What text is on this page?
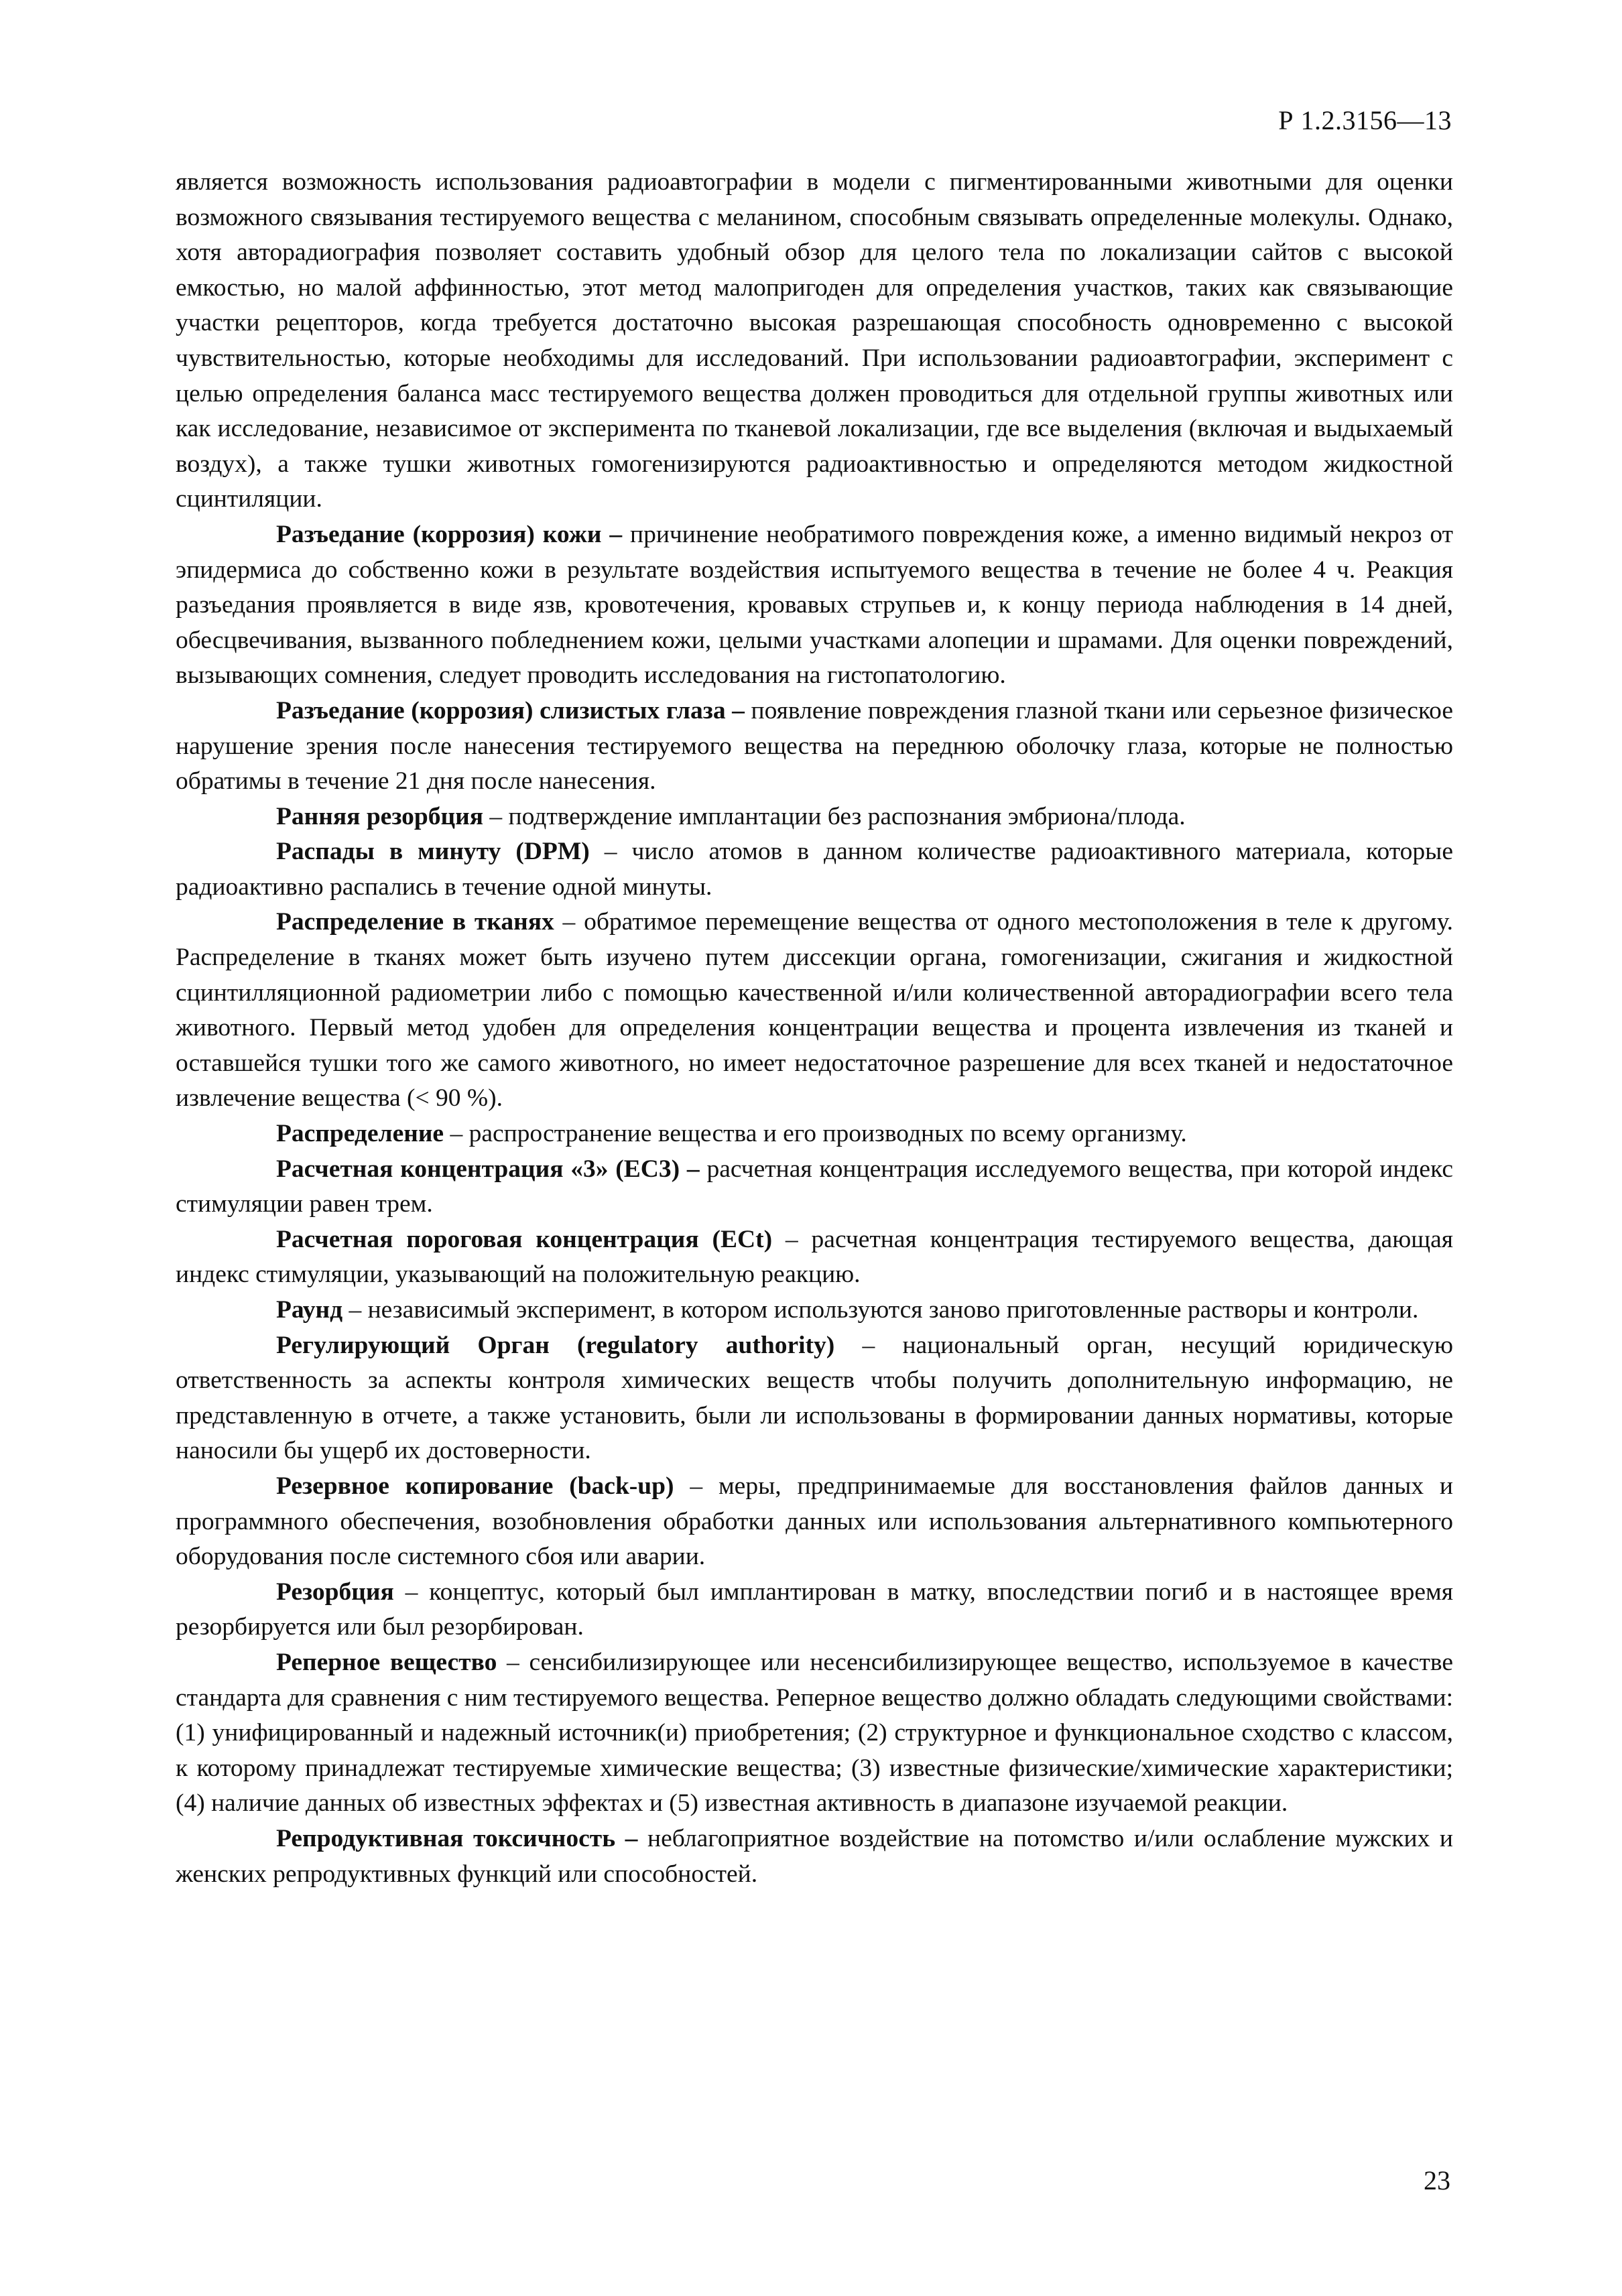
Р 1.2.3156—13

является возможность использования радиоавтографии в модели с пигментированными животными для оценки возможного связывания тестируемого вещества с меланином, способным связывать определенные молекулы. Однако, хотя авторадиография позволяет составить удобный обзор для целого тела по локализации сайтов с высокой емкостью, но малой аффинностью, этот метод малопригоден для определения участков, таких как связывающие участки рецепторов, когда требуется достаточно высокая разрешающая способность одновременно с высокой чувствительностью, которые необходимы для исследований. При использовании радиоавтографии, эксперимент с целью определения баланса масс тестируемого вещества должен проводиться для отдельной группы животных или как исследование, независимое от эксперимента по тканевой локализации, где все выделения (включая и выдыхаемый воздух), а также тушки животных гомогенизируются радиоактивностью и определяются методом жидкостной сцинтиляции.

Разъедание (коррозия) кожи – причинение необратимого повреждения коже, а именно видимый некроз от эпидермиса до собственно кожи в результате воздействия испытуемого вещества в течение не более 4 ч. Реакция разъедания проявляется в виде язв, кровотечения, кровавых струпьев и, к концу периода наблюдения в 14 дней, обесцвечивания, вызванного побледнением кожи, целыми участками алопеции и шрамами. Для оценки повреждений, вызывающих сомнения, следует проводить исследования на гистопатологию.

Разъедание (коррозия) слизистых глаза – появление повреждения глазной ткани или серьезное физическое нарушение зрения после нанесения тестируемого вещества на переднюю оболочку глаза, которые не полностью обратимы в течение 21 дня после нанесения.

Ранняя резорбция – подтверждение имплантации без распознания эмбриона/плода.

Распады в минуту (DPM) – число атомов в данном количестве радиоактивного материала, которые радиоактивно распались в течение одной минуты.

Распределение в тканях – обратимое перемещение вещества от одного местоположения в теле к другому. Распределение в тканях может быть изучено путем диссекции органа, гомогенизации, сжигания и жидкостной сцинтилляционной радиометрии либо с помощью качественной и/или количественной авторадиографии всего тела животного. Первый метод удобен для определения концентрации вещества и процента извлечения из тканей и оставшейся тушки того же самого животного, но имеет недостаточное разрешение для всех тканей и недостаточное извлечение вещества (< 90 %).

Распределение – распространение вещества и его производных по всему организму.

Расчетная концентрация «3» (ЕС3) – расчетная концентрация исследуемого вещества, при которой индекс стимуляции равен трем.

Расчетная пороговая концентрация (ECt) – расчетная концентрация тестируемого вещества, дающая индекс стимуляции, указывающий на положительную реакцию.

Раунд – независимый эксперимент, в котором используются заново приготовленные растворы и контроли.

Регулирующий Орган (regulatory authority) – национальный орган, несущий юридическую ответственность за аспекты контроля химических веществ чтобы получить дополнительную информацию, не представленную в отчете, а также установить, были ли использованы в формировании данных нормативы, которые наносили бы ущерб их достоверности.

Резервное копирование (back-up) – меры, предпринимаемые для восстановления файлов данных и программного обеспечения, возобновления обработки данных или использования альтернативного компьютерного оборудования после системного сбоя или аварии.

Резорбция – концептус, который был имплантирован в матку, впоследствии погиб и в настоящее время резорбируется или был резорбирован.

Реперное вещество – сенсибилизирующее или несенсибилизирующее вещество, используемое в качестве стандарта для сравнения с ним тестируемого вещества. Реперное вещество должно обладать следующими свойствами: (1) унифицированный и надежный источник(и) приобретения; (2) структурное и функциональное сходство с классом, к которому принадлежат тестируемые химические вещества; (3) известные физические/химические характеристики; (4) наличие данных об известных эффектах и (5) известная активность в диапазоне изучаемой реакции.

Репродуктивная токсичность – неблагоприятное воздействие на потомство и/или ослабление мужских и женских репродуктивных функций или способностей.

23
